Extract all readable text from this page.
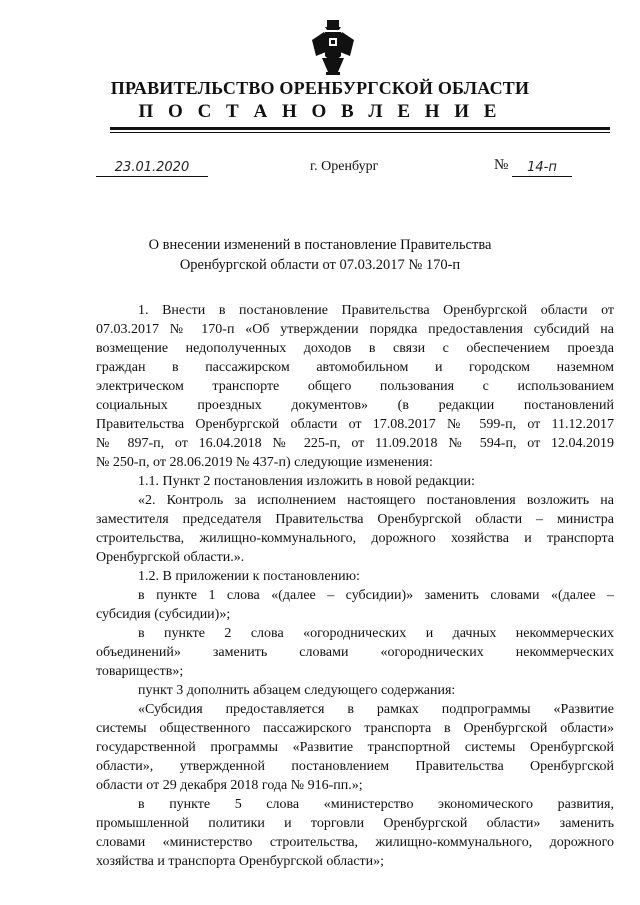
ПРАВИТЕЛЬСТВО ОРЕНБУРГСКОЙ ОБЛАСТИ
П О С Т А Н О В Л Е Н И Е
23.01.2020	г. Оренбург	№	14-п
О внесении изменений в постановление Правительства
Оренбургской области от 07.03.2017 № 170-п
1. Внести в постановление Правительства Оренбургской области от
07.03.2017 № 170-п «Об утверждении порядка предоставления субсидий на
возмещение недополученных доходов в связи с обеспечением проезда
граждан в пассажирском автомобильном и городском наземном
электрическом транспорте общего пользования с использованием
социальных проездных документов» (в редакции постановлений
Правительства Оренбургской области от 17.08.2017 № 599-п, от 11.12.2017
№ 897-п, от 16.04.2018 № 225-п, от 11.09.2018 № 594-п, от 12.04.2019
№ 250-п, от 28.06.2019 № 437-п) следующие изменения:
1.1. Пункт 2 постановления изложить в новой редакции:
«2. Контроль за исполнением настоящего постановления возложить на
заместителя председателя Правительства Оренбургской области – министра
строительства, жилищно-коммунального, дорожного хозяйства и транспорта
Оренбургской области.».
1.2. В приложении к постановлению:
в пункте 1 слова «(далее – субсидии)» заменить словами «(далее –
субсидия (субсидии)»;
в пункте 2 слова «огороднических и дачных некоммерческих
объединений» заменить словами «огороднических некоммерческих
товариществ»;
пункт 3 дополнить абзацем следующего содержания:
«Субсидия предоставляется в рамках подпрограммы «Развитие
системы общественного пассажирского транспорта в Оренбургской области»
государственной программы «Развитие транспортной системы Оренбургской
области», утвержденной постановлением Правительства Оренбургской
области от 29 декабря 2018 года № 916-пп.»;
в пункте 5 слова «министерство экономического развития,
промышленной политики и торговли Оренбургской области» заменить
словами «министерство строительства, жилищно-коммунального, дорожного
хозяйства и транспорта Оренбургской области»;
